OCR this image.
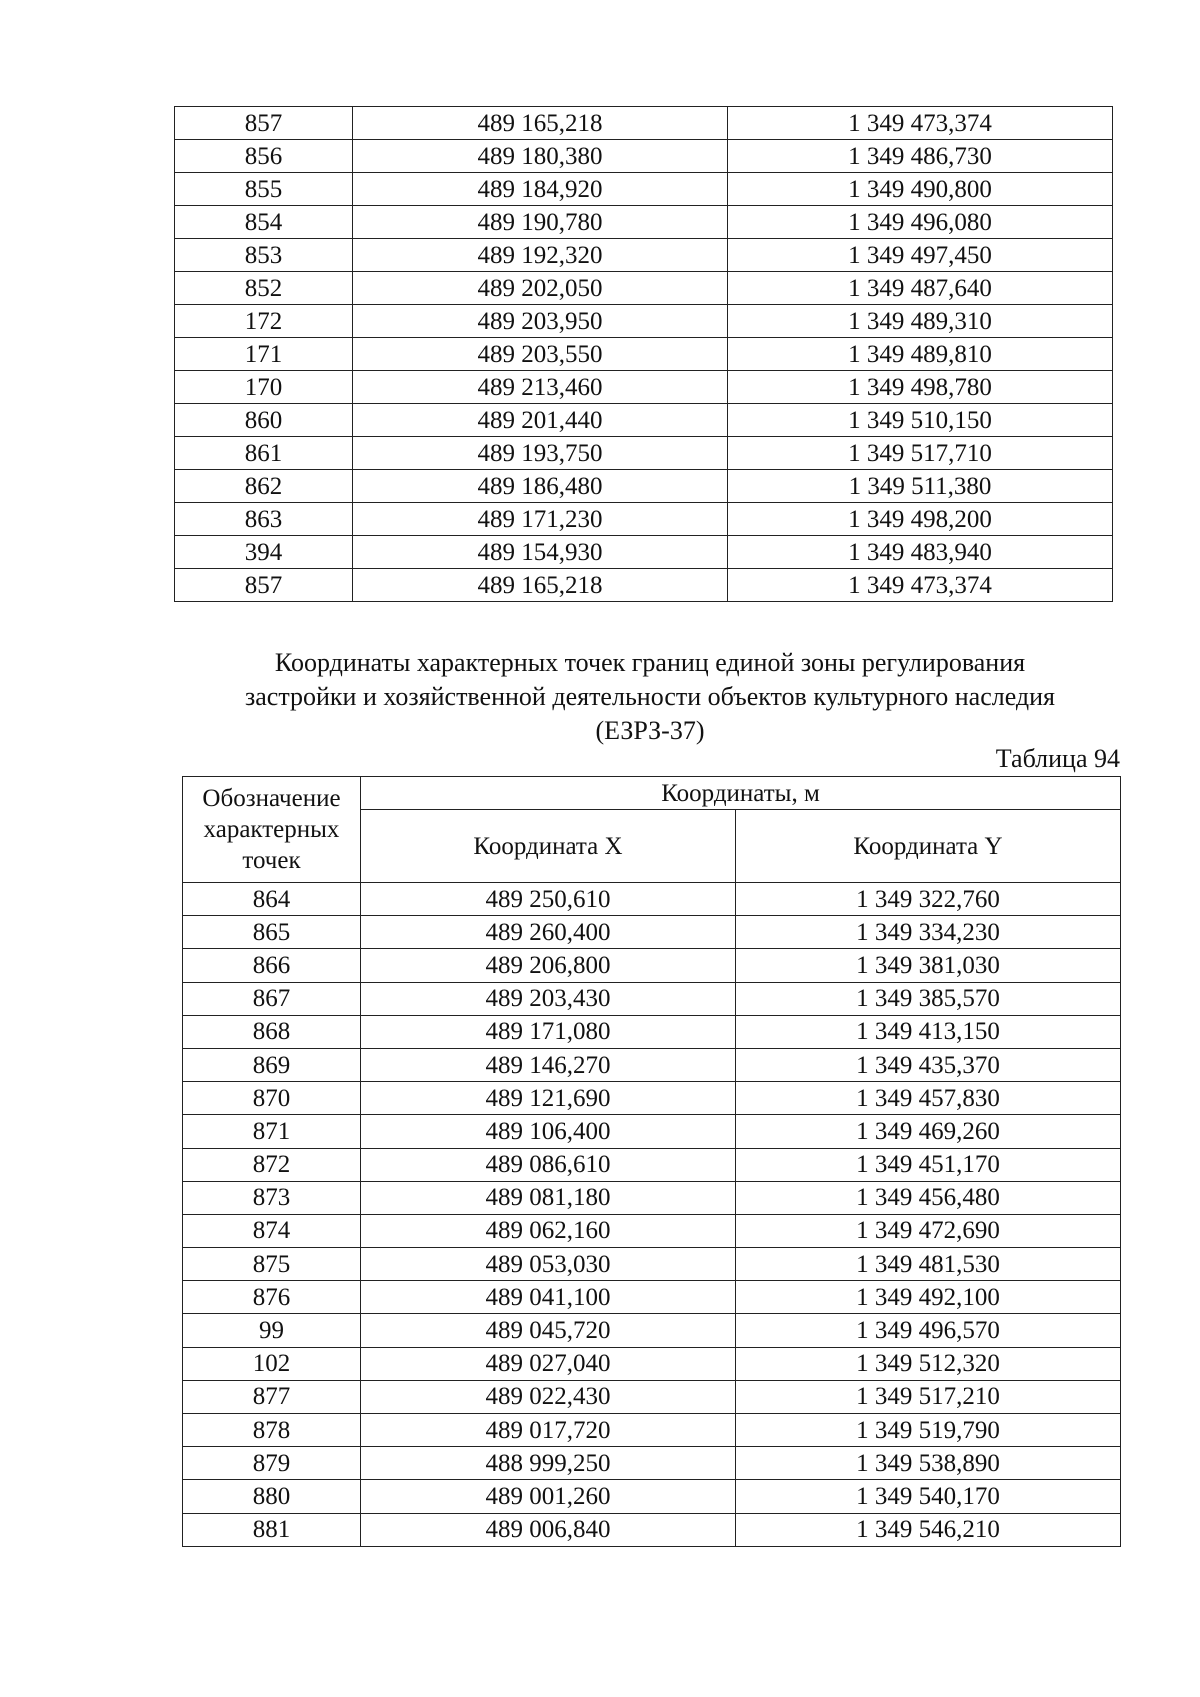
857	489 165,218	1 349 473,374
856	489 180,380	1 349 486,730
855	489 184,920	1 349 490,800
854	489 190,780	1 349 496,080
853	489 192,320	1 349 497,450
852	489 202,050	1 349 487,640
172	489 203,950	1 349 489,310
171	489 203,550	1 349 489,810
170	489 213,460	1 349 498,780
860	489 201,440	1 349 510,150
861	489 193,750	1 349 517,710
862	489 186,480	1 349 511,380
863	489 171,230	1 349 498,200
394	489 154,930	1 349 483,940
857	489 165,218	1 349 473,374
Координаты характерных точек границ единой зоны регулирования
застройки и хозяйственной деятельности объектов культурного наследия
(ЕЗРЗ-37)
Таблица 94
Обозначение характерных точек	Координаты, м	
	Координата X	Координата Y
864	489 250,610	1 349 322,760
865	489 260,400	1 349 334,230
866	489 206,800	1 349 381,030
867	489 203,430	1 349 385,570
868	489 171,080	1 349 413,150
869	489 146,270	1 349 435,370
870	489 121,690	1 349 457,830
871	489 106,400	1 349 469,260
872	489 086,610	1 349 451,170
873	489 081,180	1 349 456,480
874	489 062,160	1 349 472,690
875	489 053,030	1 349 481,530
876	489 041,100	1 349 492,100
99	489 045,720	1 349 496,570
102	489 027,040	1 349 512,320
877	489 022,430	1 349 517,210
878	489 017,720	1 349 519,790
879	488 999,250	1 349 538,890
880	489 001,260	1 349 540,170
881	489 006,840	1 349 546,210
